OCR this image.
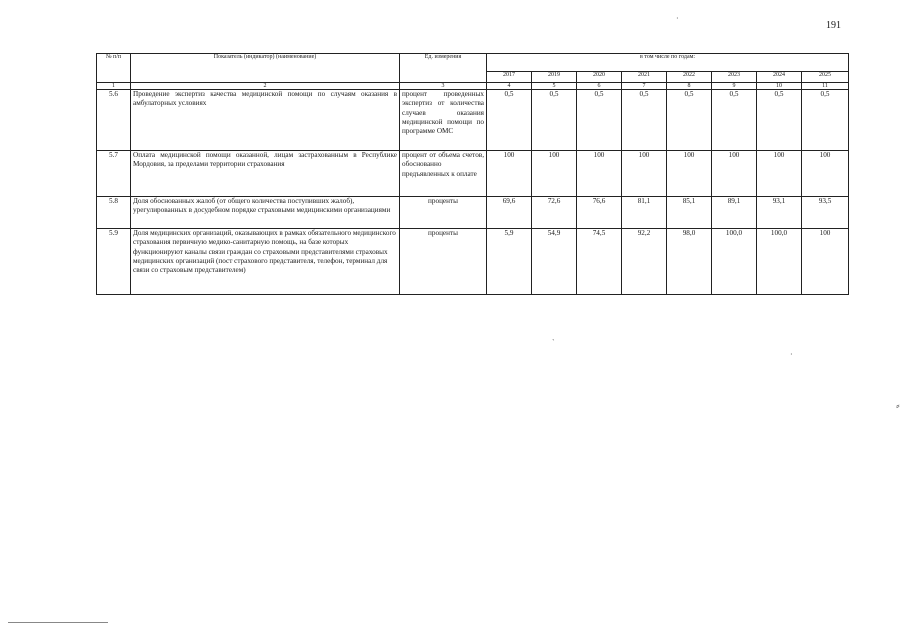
191
№ п/п	Показатель (индикатор) (наименование)	Ед. измерения	в том числе по годам:							
			2017	2019	2020	2021	2022	2023	2024	2025
1	2	3	4	5	6	7	8	9	10	11
5.6	Проведение экспертиз качества медицинской помощи по случаям оказания в амбулаторных условиях	процент проведенных экспертиз от количества случаев оказания медицинской помощи по программе ОМС	0,5	0,5	0,5	0,5	0,5	0,5	0,5	0,5
5.7	Оплата медицинской помощи оказанной, лицам застрахованным в Республике Мордовия, за пределами территории страхования	процент от объема счетов, обоснованно предъявленных к оплате	100	100	100	100	100	100	100	100
5.8	Доля обоснованных жалоб (от общего количества поступивших жалоб), урегулированных в досудебном порядке страховыми медицинскими организациями	проценты	69,6	72,6	76,6	81,1	85,1	89,1	93,1	93,5
5.9	Доля медицинских организаций, оказывающих в рамках обязательного медицинского страхования первичную медико-санитарную помощь, на базе которых функционируют каналы связи граждан со страховыми представителями страховых медицинских организаций (пост страхового представителя, телефон, терминал для связи со страховым представителем)	проценты	5,9	54,9	74,5	92,2	98,0	100,0	100,0	100
·
ˋ
·
⸗
